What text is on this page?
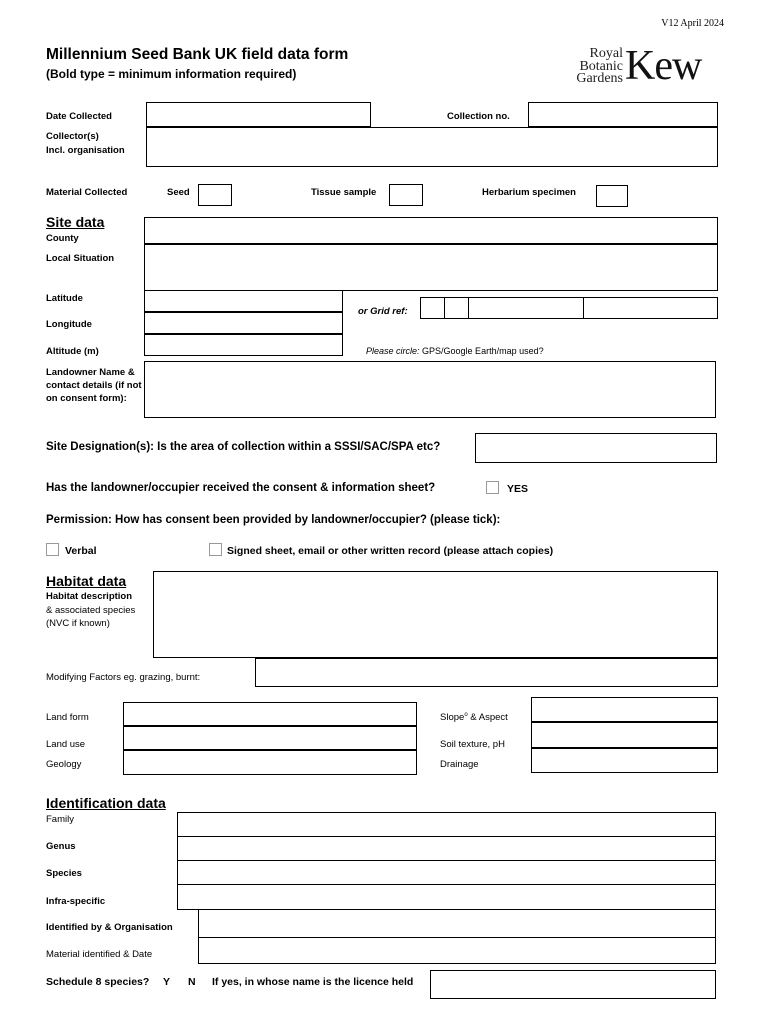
V12 April 2024
Millennium Seed Bank UK field data form
(Bold type = minimum information required)
Royal
Botanic
Gardens Kew
Date Collected	Collection no.
Collector(s)
Incl. organisation
Material Collected	Seed	Tissue sample	Herbarium specimen
Site data
County
Local Situation
Latitude
Longitude
or Grid ref:
Altitude (m)	Please circle: GPS/Google Earth/map used?
Landowner Name & contact details (if not on consent form):
Site Designation(s): Is the area of collection within a SSSI/SAC/SPA etc?
Has the landowner/occupier received the consent & information sheet?	YES
Permission: How has consent been provided by landowner/occupier? (please tick):
Verbal	Signed sheet, email or other written record (please attach copies)
Habitat data
Habitat description
& associated species (NVC if known)
Modifying Factors eg. grazing, burnt:
Land form
Land use
Geology
Slope$^o$ & Aspect
Soil texture, pH
Drainage
Identification data
Family
Genus
Species
Infra-specific
Identified by & Organisation
Material identified & Date
Schedule 8 species? Y N If yes, in whose name is the licence held
